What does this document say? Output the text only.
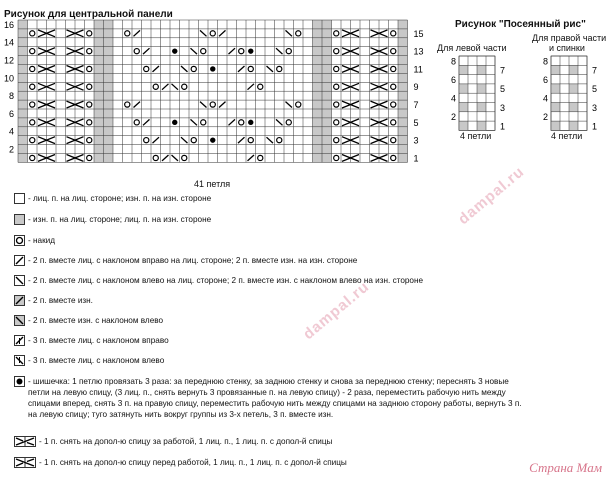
dampal.ru
dampal.ru
Рисунок для центральной панели
16
14
12
10
8
6
4
2
15
13
11
9
7
5
3
1
41 петля
Рисунок "Посеянный рис"
Для левой части
Для правой части
и спинки
8
6
4
2
7
5
3
1
8
6
4
2
7
5
3
1
4 петли	4 петли
- лиц. п. на лиц. стороне; изн. п. на изн. стороне
- изн. п. на лиц. стороне; лиц. п. на изн. стороне
- накид
- 2 п. вместе лиц. с наклоном вправо на лиц. стороне; 2 п. вместе изн. на изн. стороне
- 2 п. вместе лиц. с наклоном влево на лиц. стороне; 2 п. вместе изн. с наклоном влево на изн. стороне
- 2 п. вместе изн.
- 2 п. вместе изн. с наклоном влево
- 3 п. вместе лиц. с наклоном вправо
- 3 п. вместе лиц. с наклоном влево
- шишечка: 1 петлю провязать 3 раза: за переднюю стенку, за заднюю стенку и снова за переднюю стенку; переснять 3 новые петли на левую спицу, (3 лиц. п., снять вернуть 3 провязанные п. на левую спицу) - 2 раза, переместить рабочую нить между спицами вперед, снять 3 п. на правую спицу, переместить рабочую нить между спицами на заднюю сторону работы, вернуть 3 п. на левую спицу; туго затянуть нить вокруг группы из 3-х петель, 3 п. вместе изн.
- 1 п. снять на допол-ю спицу за работой, 1 лиц. п., 1 лиц. п. с допол-й спицы
- 1 п. снять на допол-ю спицу перед работой, 1 лиц. п., 1 лиц. п. с допол-й спицы	Страна Мам
